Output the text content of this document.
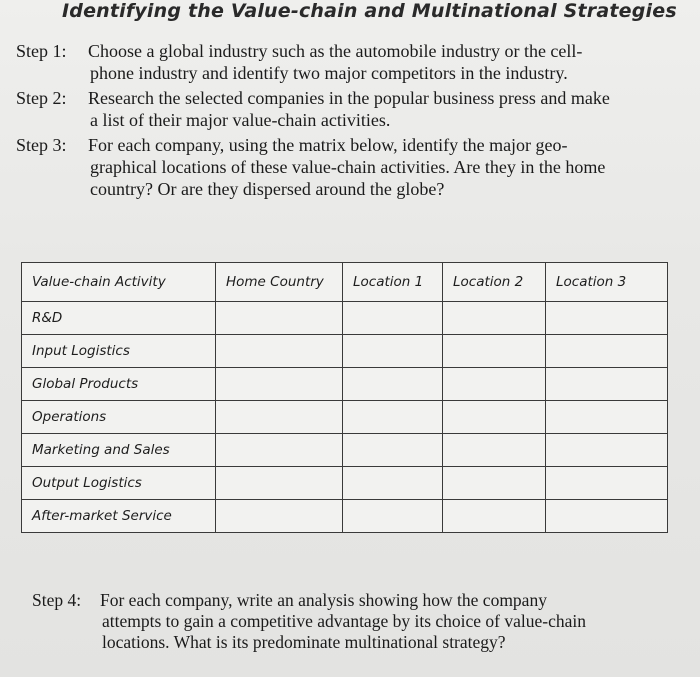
Identifying the Value-chain and Multinational Strategies
Step 1:	Choose a global industry such as the automobile industry or the cell-
phone industry and identify two major competitors in the industry.
Step 2:	Research the selected companies in the popular business press and make
a list of their major value-chain activities.
Step 3:	For each company, using the matrix below, identify the major geo-
graphical locations of these value-chain activities. Are they in the home
country? Or are they dispersed around the globe?
Value-chain Activity	Home Country	Location 1	Location 2	Location 3
R&D				
Input Logistics				
Global Products				
Operations				
Marketing and Sales				
Output Logistics				
After-market Service				
Step 4:	For each company, write an analysis showing how the company
attempts to gain a competitive advantage by its choice of value-chain
locations. What is its predominate multinational strategy?
